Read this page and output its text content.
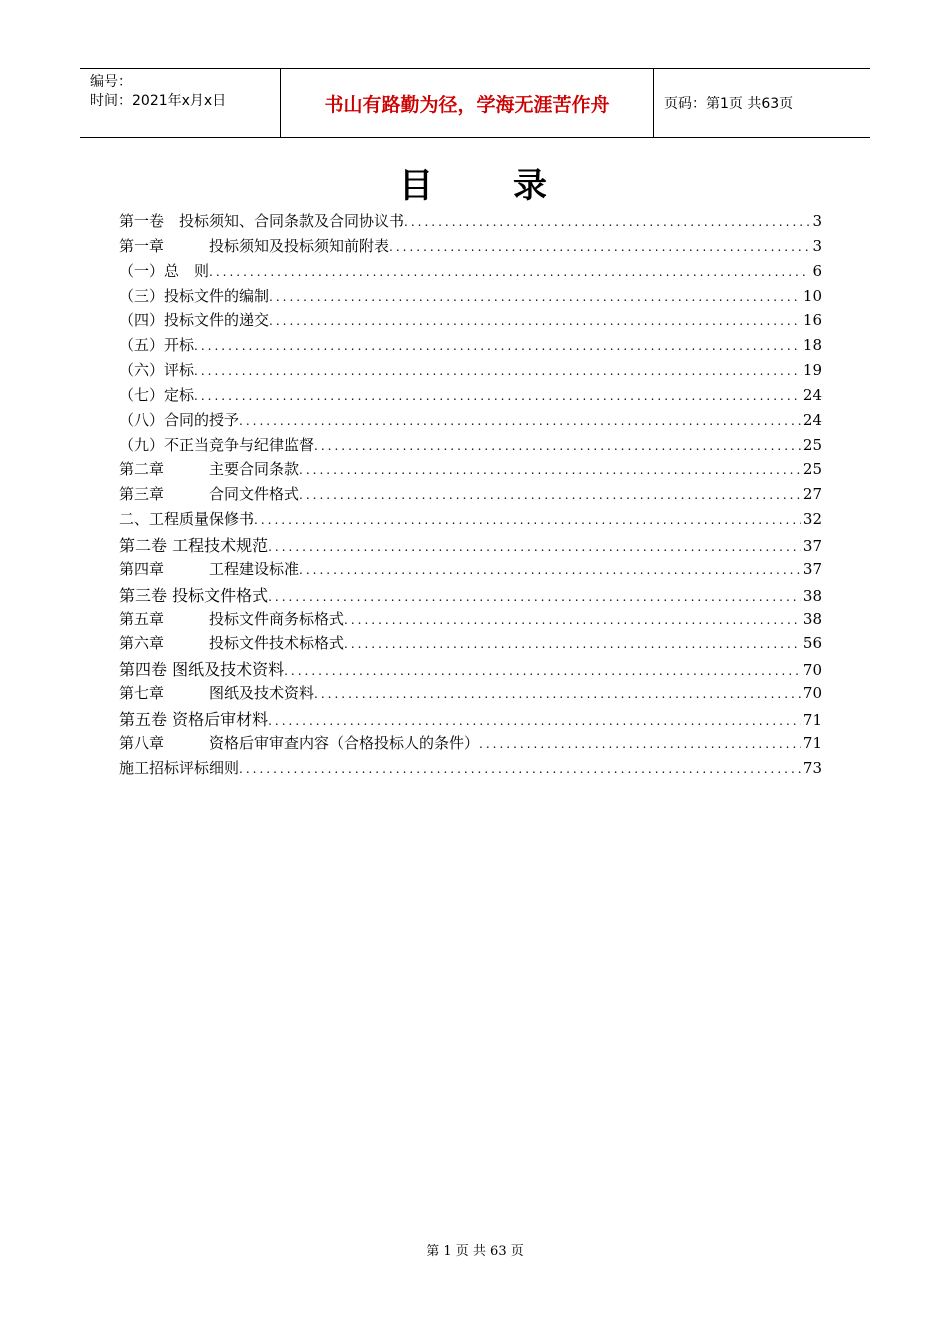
编号：
时间：2021年x月x日	书山有路勤为径，学海无涯苦作舟	页码：第1页 共63页
目　　录
第一卷　投标须知、合同条款及合同协议书 .....	3
第一章　　　投标须知及投标须知前附表 .....	3
（一）总　则 .....	6
（三）投标文件的编制 .....	10
（四）投标文件的递交 .....	16
（五）开标 .....	18
（六）评标 .....	19
（七）定标 .....	24
（八）合同的授予 .....	24
（九）不正当竞争与纪律监督 .....	25
第二章　　　主要合同条款 .....	25
第三章　　　合同文件格式 .....	27
二、工程质量保修书 .....	32
第二卷 工程技术规范 .....	37
第四章　　　工程建设标准 .....	37
第三卷 投标文件格式 .....	38
第五章　　　投标文件商务标格式 .....	38
第六章　　　投标文件技术标格式 .....	56
第四卷 图纸及技术资料 .....	70
第七章　　　图纸及技术资料 .....	70
第五卷 资格后审材料 .....	71
第八章　　　资格后审审查内容（合格投标人的条件） .....	71
施工招标评标细则 .....	73
第 1 页 共 63 页
